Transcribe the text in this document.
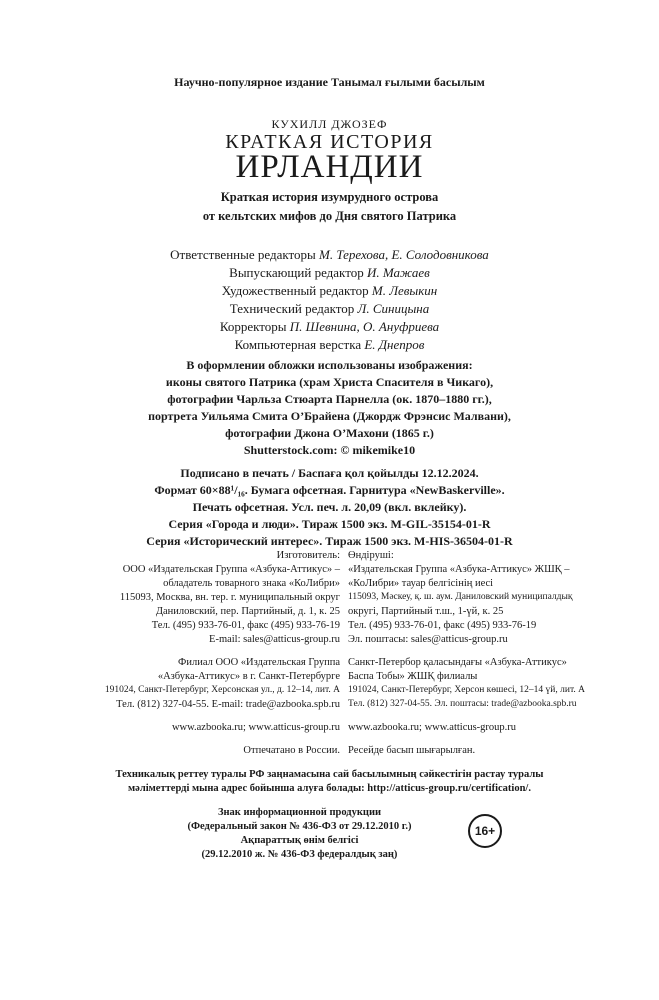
Научно-популярное издание Танымал ғылыми басылым
КУХИЛЛ ДЖОЗЕФ
КРАТКАЯ ИСТОРИЯ
ИРЛАНДИИ
Краткая история изумрудного острова
от кельтских мифов до Дня святого Патрика
Ответственные редакторы М. Терехова, Е. Солодовникова
Выпускающий редактор И. Мажаев
Художественный редактор М. Левыкин
Технический редактор Л. Синицына
Корректоры П. Шевнина, О. Ануфриева
Компьютерная верстка Е. Днепров
В оформлении обложки использованы изображения:
иконы святого Патрика (храм Христа Спасителя в Чикаго),
фотографии Чарльза Стюарта Парнелла (ок. 1870–1880 гг.),
портрета Уильяма Смита О’Брайена (Джордж Фрэнсис Малвани),
фотографии Джона О’Махони (1865 г.)
Shutterstock.com: © mikemike10
Подписано в печать / Баспаға қол қойылды 12.12.2024.
Формат 60×88¹/₁₆. Бумага офсетная. Гарнитура «NewBaskerville».
Печать офсетная. Усл. печ. л. 20,09 (вкл. вклейку).
Серия «Города и люди». Тираж 1500 экз. M-GIL-35154-01-R
Серия «Исторический интерес». Тираж 1500 экз. M-HIS-36504-01-R
Изготовитель:
ООО «Издательская Группа «Азбука-Аттикус» –
обладатель товарного знака «КоЛибри»
115093, Москва, вн. тер. г. муниципальный округ
Даниловский, пер. Партийный, д. 1, к. 25
Тел. (495) 933-76-01, факс (495) 933-76-19
E-mail: sales@atticus-group.ru
Өндіруші:
«Издательская Группа «Азбука-Аттикус» ЖШҚ –
«КоЛибри» тауар белгісінің иесі
115093, Мәскеу, қ. ш. аум. Даниловский муниципалдық
округі, Партийный т.ш., 1-үй, к. 25
Тел. (495) 933-76-01, факс (495) 933-76-19
Эл. поштасы: sales@atticus-group.ru
Филиал ООО «Издательская Группа
«Азбука-Аттикус» в г. Санкт-Петербурге
191024, Санкт-Петербург, Херсонская ул., д. 12–14, лит. А
Тел. (812) 327-04-55. E-mail: trade@azbooka.spb.ru
Санкт-Петербор қаласындағы «Азбука-Аттикус»
Баспа Тобы» ЖШҚ филиалы
191024, Санкт-Петербург, Херсон көшесі, 12–14 үй, лит. А
Тел. (812) 327-04-55. Эл. поштасы: trade@azbooka.spb.ru
www.azbooka.ru; www.atticus-group.ru www.azbooka.ru; www.atticus-group.ru
Отпечатано в России. Ресейде басып шығарылған.
Техникалық реттеу туралы РФ заңнамасына сай басылымның сәйкестігін растау туралы
мәліметтерді мына адрес бойынша алуға болады: http://atticus-group.ru/certification/.
Знак информационной продукции
(Федеральный закон № 436-ФЗ от 29.12.2010 г.)
Ақпараттық өнім белгісі
(29.12.2010 ж. № 436-ФЗ федералдық заң)
16+
